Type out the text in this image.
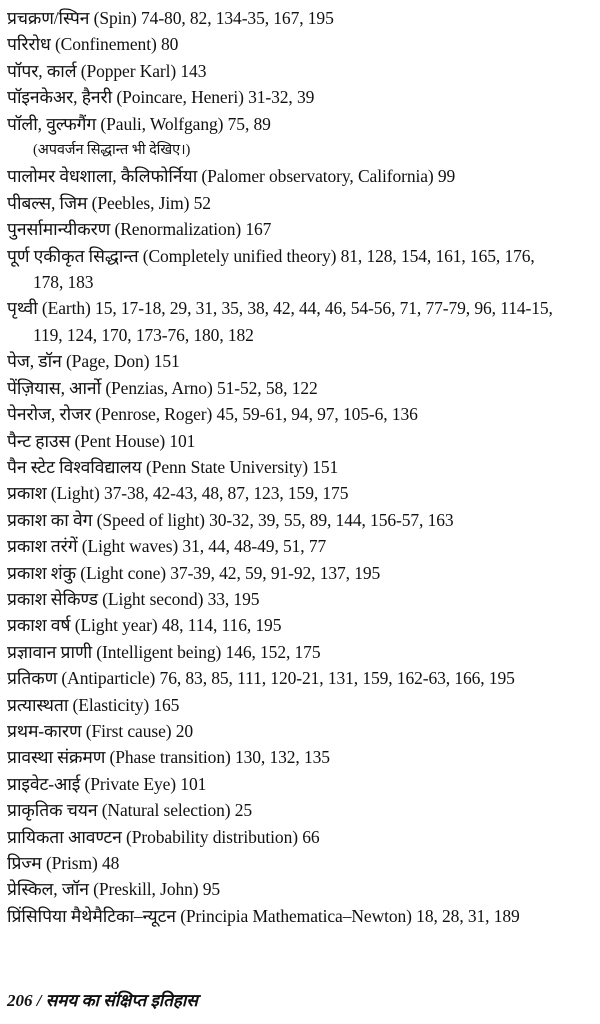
प्रचक्रण/स्पिन (Spin) 74-80, 82, 134-35, 167, 195
परिरोध (Confinement) 80
पॉपर, कार्ल (Popper Karl) 143
पॉइनकेअर, हैनरी (Poincare, Heneri) 31-32, 39
पॉली, वुल्फगैंग (Pauli, Wolfgang) 75, 89
(अपवर्जन सिद्धान्त भी देखिए।)
पालोमर वेधशाला, कैलिफोर्निया (Palomer observatory, California) 99
पीबल्स, जिम (Peebles, Jim) 52
पुनर्सामान्यीकरण (Renormalization) 167
पूर्ण एकीकृत सिद्धान्त (Completely unified theory) 81, 128, 154, 161, 165, 176,
178, 183
पृथ्वी (Earth) 15, 17-18, 29, 31, 35, 38, 42, 44, 46, 54-56, 71, 77-79, 96, 114-15,
119, 124, 170, 173-76, 180, 182
पेज, डॉन (Page, Don) 151
पेंज़ियास, आर्नो (Penzias, Arno) 51-52, 58, 122
पेनरोज, रोजर (Penrose, Roger) 45, 59-61, 94, 97, 105-6, 136
पैन्ट हाउस (Pent House) 101
पैन स्टेट विश्वविद्यालय (Penn State University) 151
प्रकाश (Light) 37-38, 42-43, 48, 87, 123, 159, 175
प्रकाश का वेग (Speed of light) 30-32, 39, 55, 89, 144, 156-57, 163
प्रकाश तरंगें (Light waves) 31, 44, 48-49, 51, 77
प्रकाश शंकु (Light cone) 37-39, 42, 59, 91-92, 137, 195
प्रकाश सेकिण्ड (Light second) 33, 195
प्रकाश वर्ष (Light year) 48, 114, 116, 195
प्रज्ञावान प्राणी (Intelligent being) 146, 152, 175
प्रतिकण (Antiparticle) 76, 83, 85, 111, 120-21, 131, 159, 162-63, 166, 195
प्रत्यास्थता (Elasticity) 165
प्रथम-कारण (First cause) 20
प्रावस्था संक्रमण (Phase transition) 130, 132, 135
प्राइवेट-आई (Private Eye) 101
प्राकृतिक चयन (Natural selection) 25
प्रायिकता आवण्टन (Probability distribution) 66
प्रिज्म (Prism) 48
प्रेस्किल, जॉन (Preskill, John) 95
प्रिंसिपिया मैथेमैटिका–न्यूटन (Principia Mathematica–Newton) 18, 28, 31, 189
206 / समय का संक्षिप्त इतिहास
